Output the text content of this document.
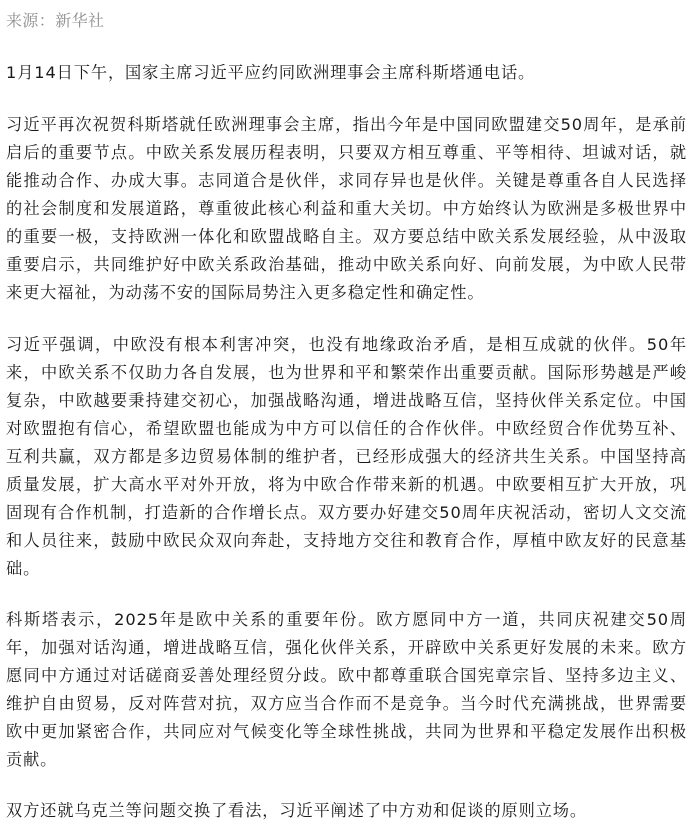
来源：新华社

1月14日下午，国家主席习近平应约同欧洲理事会主席科斯塔通电话。

习近平再次祝贺科斯塔就任欧洲理事会主席，指出今年是中国同欧盟建交50周年，是承前启后的重要节点。中欧关系发展历程表明，只要双方相互尊重、平等相待、坦诚对话，就能推动合作、办成大事。志同道合是伙伴，求同存异也是伙伴。关键是尊重各自人民选择的社会制度和发展道路，尊重彼此核心利益和重大关切。中方始终认为欧洲是多极世界中的重要一极，支持欧洲一体化和欧盟战略自主。双方要总结中欧关系发展经验，从中汲取重要启示，共同维护好中欧关系政治基础，推动中欧关系向好、向前发展，为中欧人民带来更大福祉，为动荡不安的国际局势注入更多稳定性和确定性。

习近平强调，中欧没有根本利害冲突，也没有地缘政治矛盾，是相互成就的伙伴。50年来，中欧关系不仅助力各自发展，也为世界和平和繁荣作出重要贡献。国际形势越是严峻复杂，中欧越要秉持建交初心，加强战略沟通，增进战略互信，坚持伙伴关系定位。中国对欧盟抱有信心，希望欧盟也能成为中方可以信任的合作伙伴。中欧经贸合作优势互补、互利共赢，双方都是多边贸易体制的维护者，已经形成强大的经济共生关系。中国坚持高质量发展，扩大高水平对外开放，将为中欧合作带来新的机遇。中欧要相互扩大开放，巩固现有合作机制，打造新的合作增长点。双方要办好建交50周年庆祝活动，密切人文交流和人员往来，鼓励中欧民众双向奔赴，支持地方交往和教育合作，厚植中欧友好的民意基础。

科斯塔表示，2025年是欧中关系的重要年份。欧方愿同中方一道，共同庆祝建交50周年，加强对话沟通，增进战略互信，强化伙伴关系，开辟欧中关系更好发展的未来。欧方愿同中方通过对话磋商妥善处理经贸分歧。欧中都尊重联合国宪章宗旨、坚持多边主义、维护自由贸易，反对阵营对抗，双方应当合作而不是竞争。当今时代充满挑战，世界需要欧中更加紧密合作，共同应对气候变化等全球性挑战，共同为世界和平稳定发展作出积极贡献。

双方还就乌克兰等问题交换了看法，习近平阐述了中方劝和促谈的原则立场。
